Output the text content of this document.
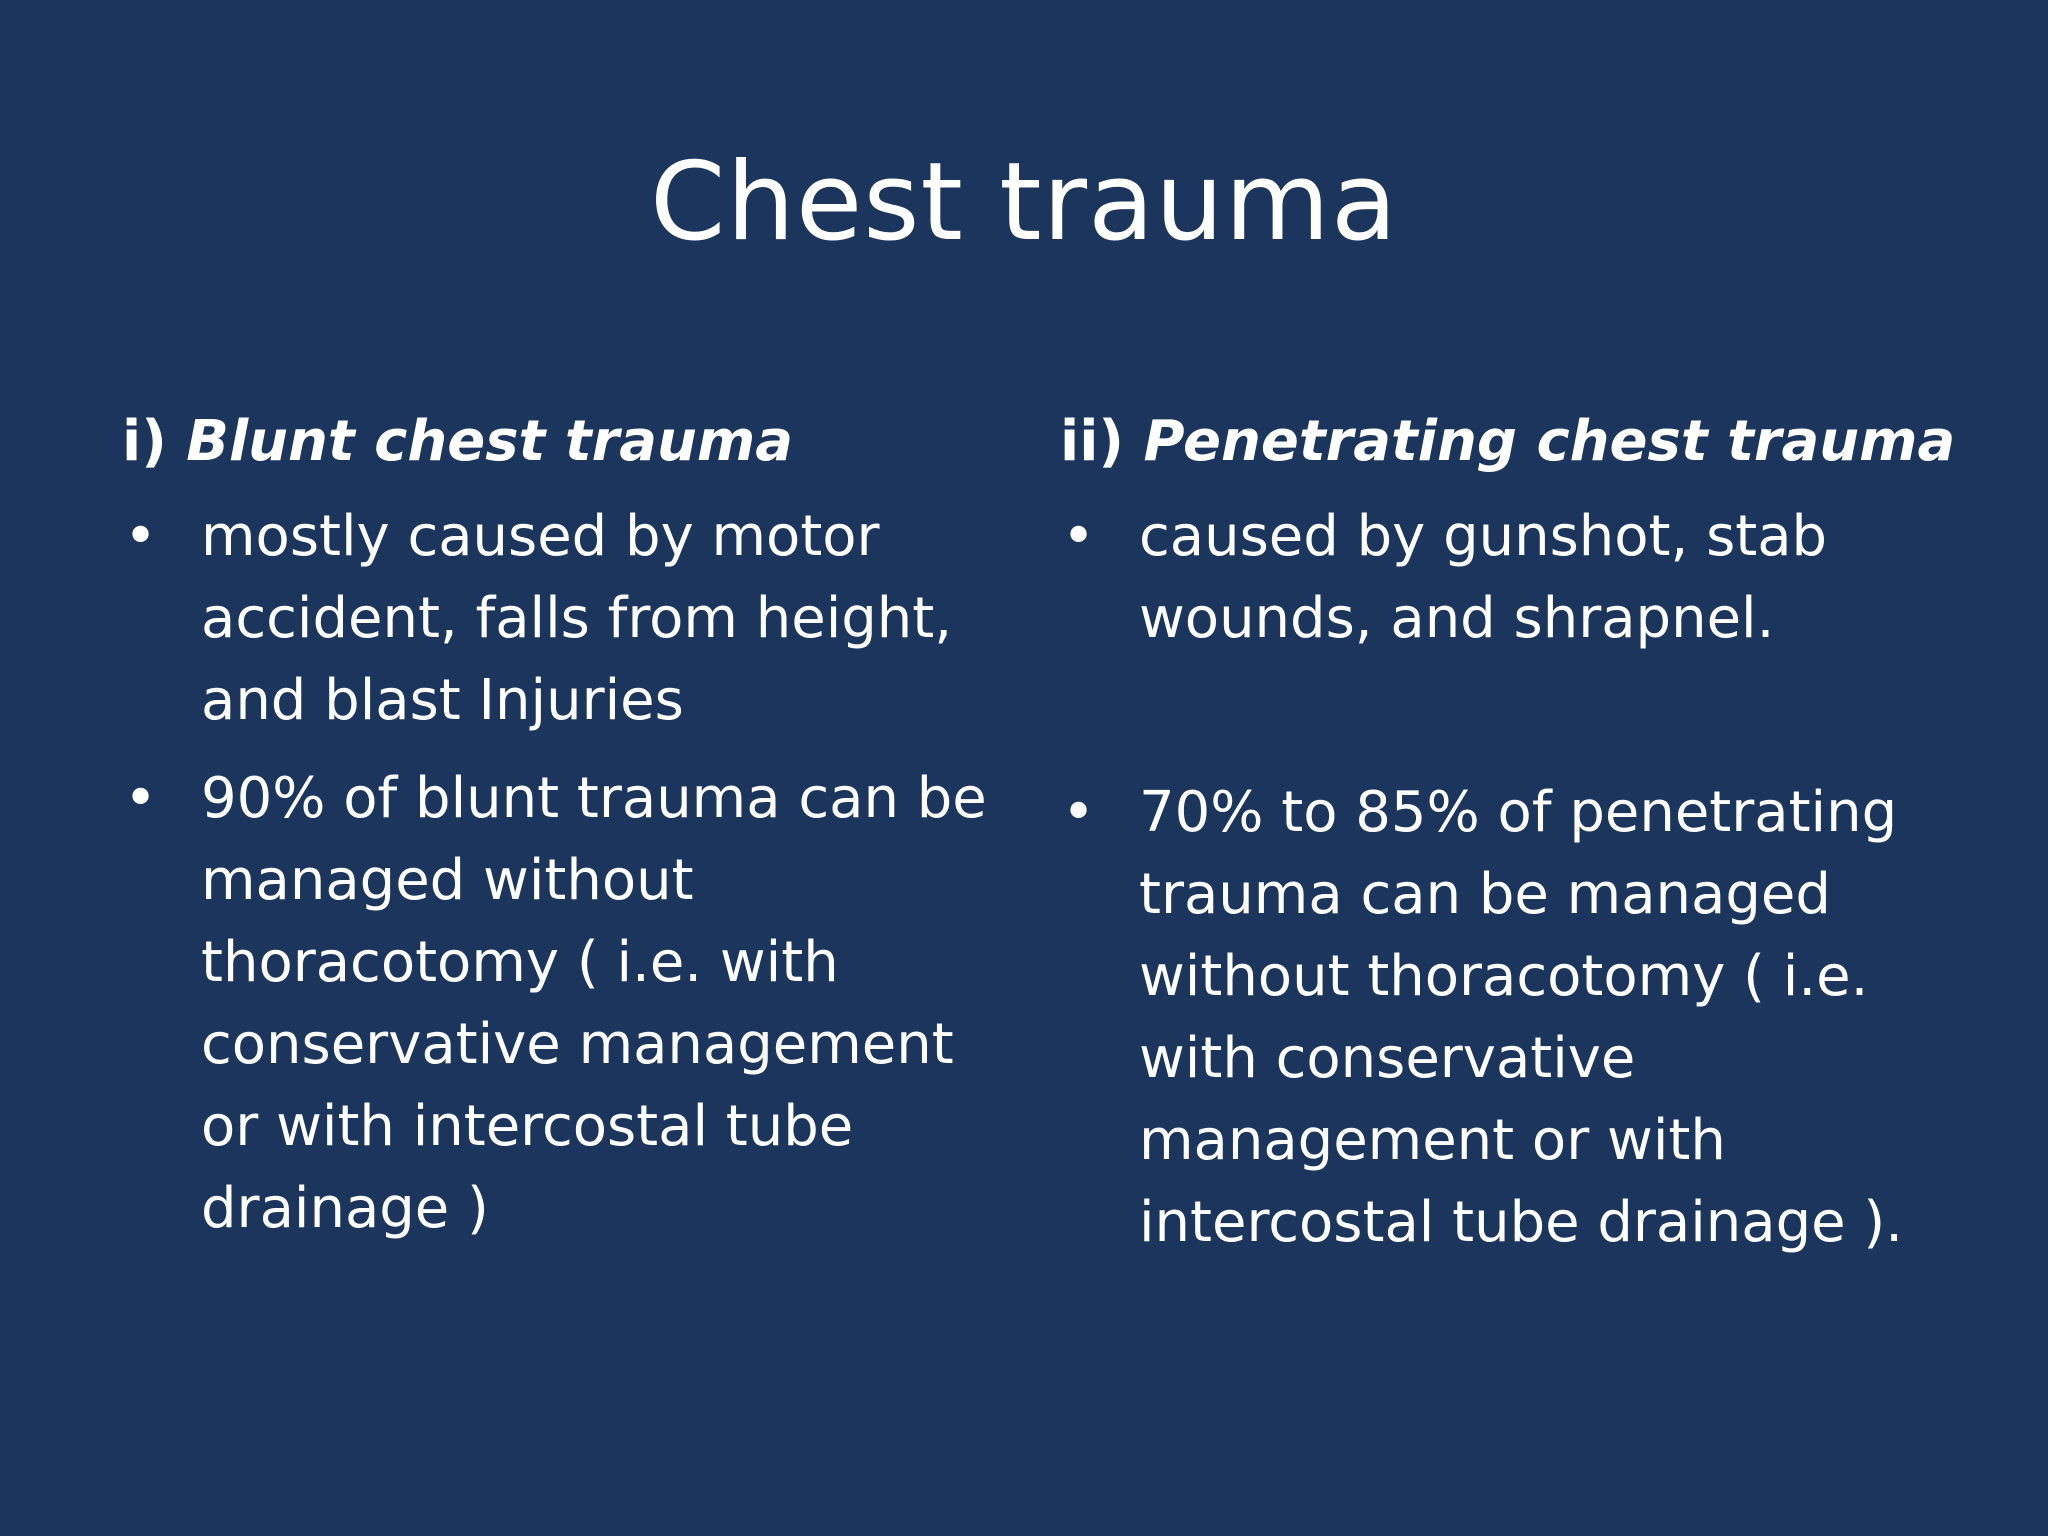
Chest trauma
i) Blunt chest trauma
• mostly caused by motor accident, falls from height, and blast Injuries
• 90% of blunt trauma can be managed without thoracotomy ( i.e. with conservative management or with intercostal tube drainage )
ii) Penetrating chest trauma
• caused by gunshot, stab wounds, and shrapnel.
• 70% to 85% of penetrating trauma can be managed without thoracotomy ( i.e. with conservative management or with intercostal tube drainage ).
